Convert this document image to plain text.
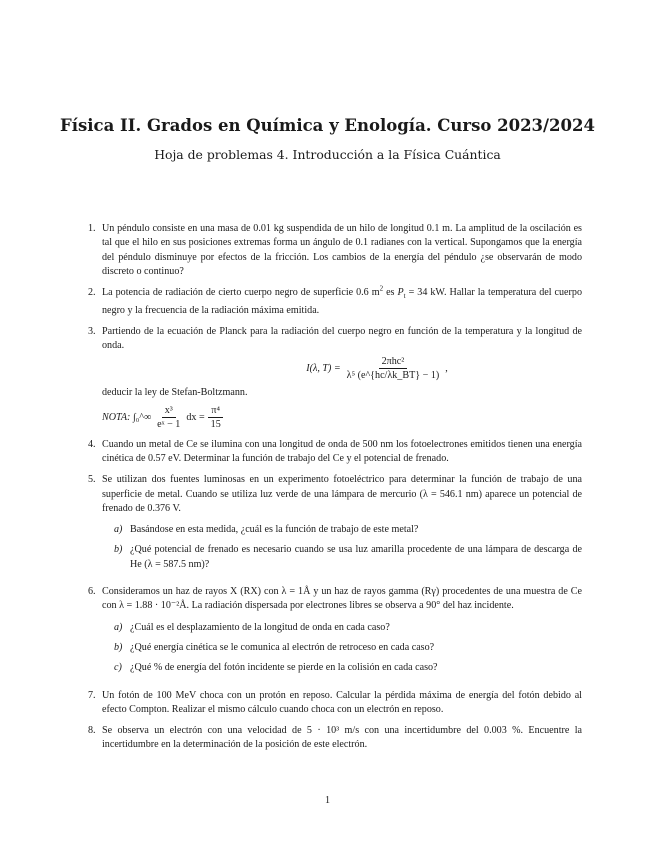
Física II. Grados en Química y Enología. Curso 2023/2024
Hoja de problemas 4. Introducción a la Física Cuántica
1. Un péndulo consiste en una masa de 0.01 kg suspendida de un hilo de longitud 0.1 m. La amplitud de la oscilación es tal que el hilo en sus posiciones extremas forma un ángulo de 0.1 radianes con la vertical. Supongamos que la energía del péndulo disminuye por efectos de la fricción. Los cambios de la energía del péndulo ¿se observarán de modo discreto o continuo?
2. La potencia de radiación de cierto cuerpo negro de superficie 0.6 $m^2$ es $P_t = 34$ kW. Hallar la temperatura del cuerpo negro y la frecuencia de la radiación máxima emitida.
3. Partiendo de la ecuación de Planck para la radiación del cuerpo negro en función de la temperatura y la longitud de onda.
I(λ, $T) = \frac{\text{2πhc²}}{\text{λ⁵ (e\textasciicircum{}\{hc/λk\_BT\} − 1)}}$ ,
deducir la ley de Stefan-Boltzmann.
NOTA:
∫₀^∞ $\frac{\text{x³}}{\text{eˣ − 1}}$ dx = $\frac{\text{π⁴}}{15}$
4. Cuando un metal de Ce se ilumina con una longitud de onda de 500 nm los fotoelectrones emitidos tienen una energía cinética de 0.57 eV. Determinar la función de trabajo del Ce y el potencial de frenado.
5. Se utilizan dos fuentes luminosas en un experimento fotoeléctrico para determinar la función de trabajo de una superficie de metal. Cuando se utiliza luz verde de una lámpara de mercurio (λ = 546.1 nm) aparece un potencial de frenado de 0.376 V.
a) Basándose en esta medida, ¿cuál es la función de trabajo de este metal?
b) ¿Qué potencial de frenado es necesario cuando se usa luz amarilla procedente de una lámpara de descarga de He (λ = 587.5 nm)?
6. Consideramos un haz de rayos X (RX) con λ = 1Å y un haz de rayos gamma (Rγ) procedentes de una muestra de Ce con λ = 1.88 · 10⁻²Å. La radiación dispersada por electrones libres se observa a 90° del haz incidente.
a) ¿Cuál es el desplazamiento de la longitud de onda en cada caso?
b) ¿Qué energía cinética se le comunica al electrón de retroceso en cada caso?
c) ¿Qué % de energía del fotón incidente se pierde en la colisión en cada caso?
7. Un fotón de 100 MeV choca con un protón en reposo. Calcular la pérdida máxima de energía del fotón debido al efecto Compton. Realizar el mismo cálculo cuando choca con un electrón en reposo.
8. Se observa un electrón con una velocidad de 5 · 10³ m/s con una incertidumbre del 0.003 %. Encuentre la incertidumbre en la determinación de la posición de este electrón.
1
